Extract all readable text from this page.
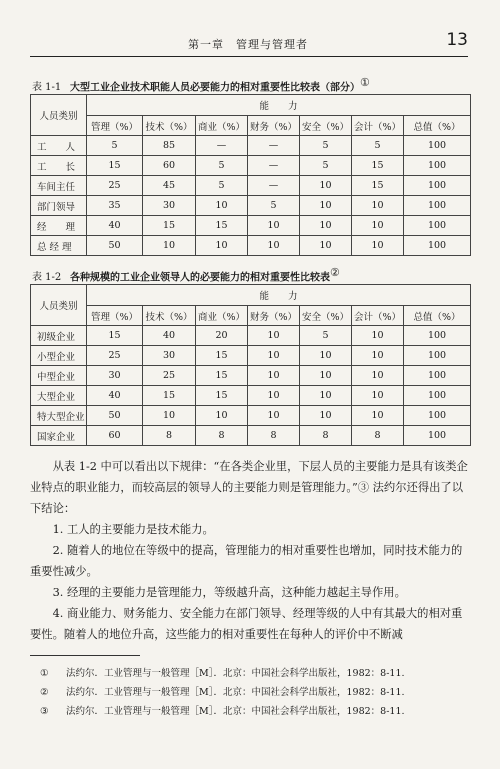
第一章　管理与管理者	13
表 1-1 大型工业企业技术职能人员必要能力的相对重要性比较表（部分）①
人员类别	能　　力						
	管理（%）	技术（%）	商业（%）	财务（%）	安全（%）	会计（%）	总值（%）
工　　人	5	85	—	—	5	5	100
工　　长	15	60	5	—	5	15	100
车间主任	25	45	5	—	10	15	100
部门领导	35	30	10	5	10	10	100
经　　理	40	15	15	10	10	10	100
总 经 理	50	10	10	10	10	10	100
表 1-2 各种规模的工业企业领导人的必要能力的相对重要性比较表②
人员类别	能　　力						
	管理（%）	技术（%）	商业（%）	财务（%）	安全（%）	会计（%）	总值（%）
初级企业	15	40	20	10	5	10	100
小型企业	25	30	15	10	10	10	100
中型企业	30	25	15	10	10	10	100
大型企业	40	15	15	10	10	10	100
特大型企业	50	10	10	10	10	10	100
国家企业	60	8	8	8	8	8	100

从表 1-2 中可以看出以下规律：“在各类企业里，下层人员的主要能力是具有该类企业特点的职业能力，而较高层的领导人的主要能力则是管理能力。”③ 法约尔还得出了以下结论：

1. 工人的主要能力是技术能力。

2. 随着人的地位在等级中的提高，管理能力的相对重要性也增加，同时技术能力的重要性减少。

3. 经理的主要能力是管理能力，等级越升高，这种能力越起主导作用。

4. 商业能力、财务能力、安全能力在部门领导、经理等级的人中有其最大的相对重要性。随着人的地位升高，这些能力的相对重要性在每种人的评价中不断减

① 法约尔．工业管理与一般管理［M］．北京：中国社会科学出版社，1982：8-11.
② 法约尔．工业管理与一般管理［M］．北京：中国社会科学出版社，1982：8-11.
③ 法约尔．工业管理与一般管理［M］．北京：中国社会科学出版社，1982：8-11.
